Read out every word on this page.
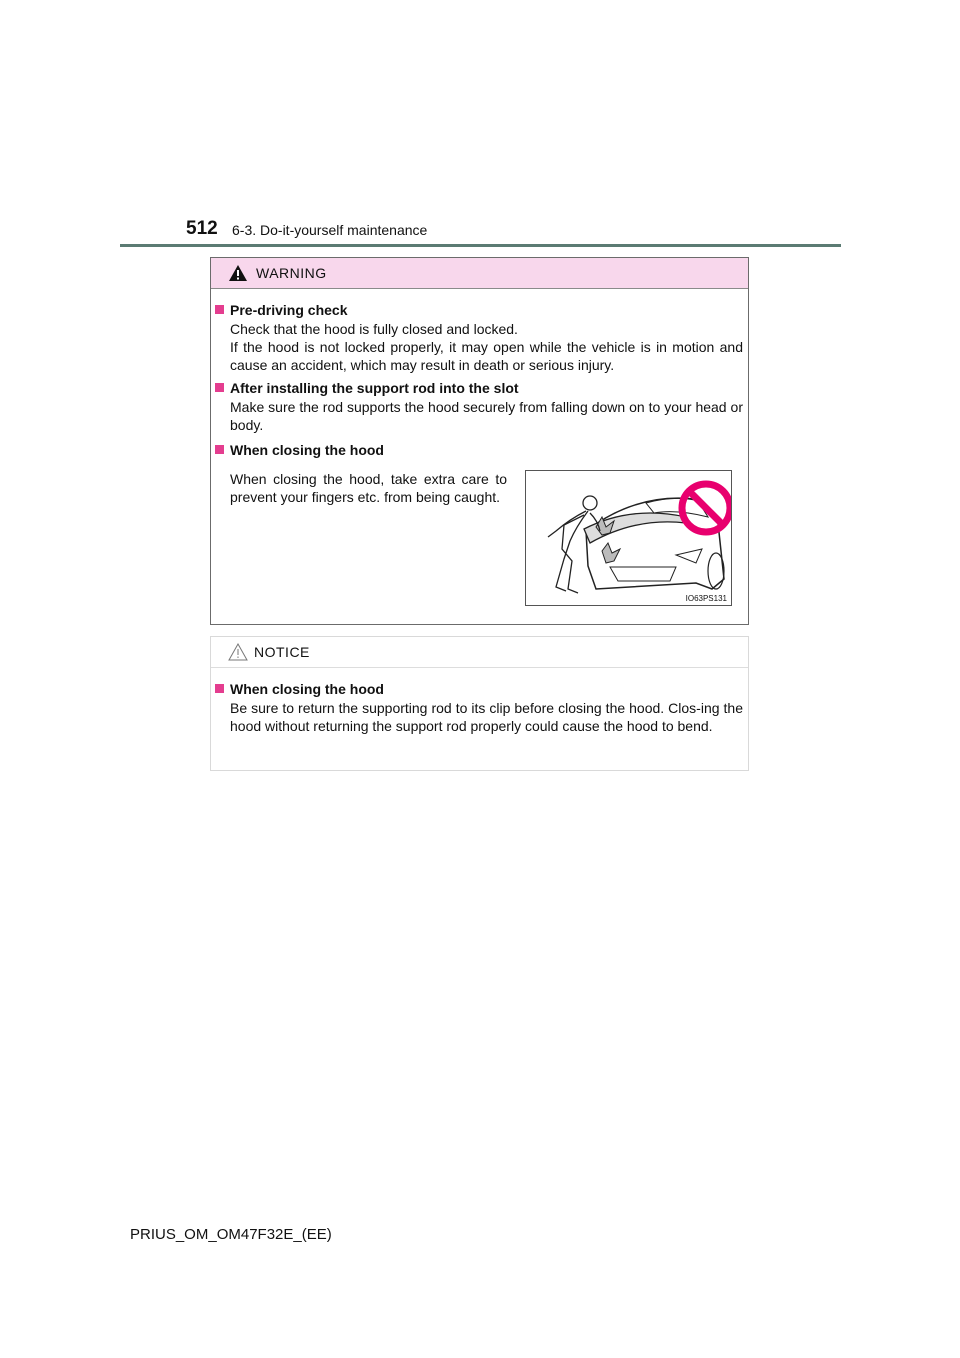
512 6-3. Do-it-yourself maintenance
WARNING
Pre-driving check
Check that the hood is fully closed and locked.
If the hood is not locked properly, it may open while the vehicle is in motion and cause an accident, which may result in death or serious injury.
After installing the support rod into the slot
Make sure the rod supports the hood securely from falling down on to your head or body.
When closing the hood
When closing the hood, take extra care to prevent your fingers etc. from being caught.
IO63PS131
NOTICE
When closing the hood
Be sure to return the supporting rod to its clip before closing the hood. Clos-ing the hood without returning the support rod properly could cause the hood to bend.
PRIUS_OM_OM47F32E_(EE)
